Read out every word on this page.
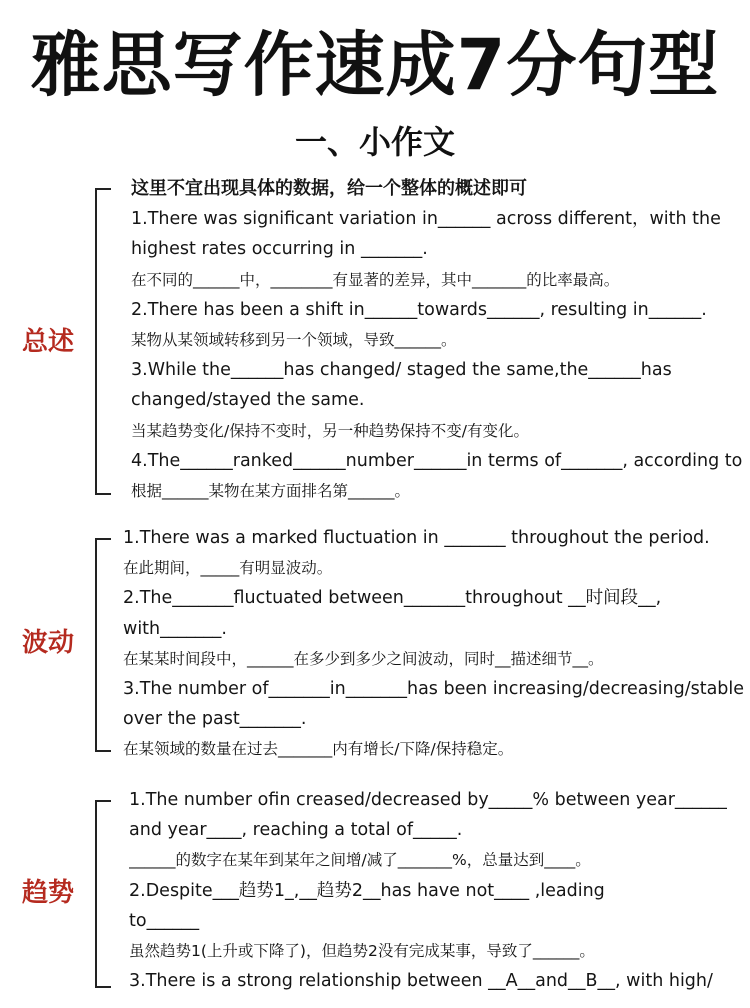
雅思写作速成7分句型
一、小作文
总述
这里不宜出现具体的数据，给一个整体的概述即可
1.There was significant variation in______ across different，with the
highest rates occurring in _______.
在不同的______中，________有显著的差异，其中_______的比率最高。
2.There has been a shift in______towards______, resulting in______.
某物从某领域转移到另一个领域，导致______。
3.While the______has changed/ staged the same,the______has
changed/stayed the same.
当某趋势变化/保持不变时，另一种趋势保持不变/有变化。
4.The______ranked______number______in terms of_______, according to
根据______某物在某方面排名第______。
波动
1.There was a marked fluctuation in _______ throughout the period.
在此期间，_____有明显波动。
2.The_______fluctuated between_______throughout __时间段__,
with_______.
在某某时间段中，______在多少到多少之间波动，同时__描述细节__。
3.The number of_______in_______has been increasing/decreasing/stable
over the past_______.
在某领域的数量在过去_______内有增长/下降/保持稳定。
趋势
1.The number ofin creased/decreased by_____% between year______
and year____, reaching a total of_____.
______的数字在某年到某年之间增/减了_______%，总量达到____。
2.Despite___趋势1_,__趋势2__has have not____ ,leading
to______
虽然趋势1(上升或下降了)，但趋势2没有完成某事，导致了______。
3.There is a strong relationship between __A__and__B__, with high/
